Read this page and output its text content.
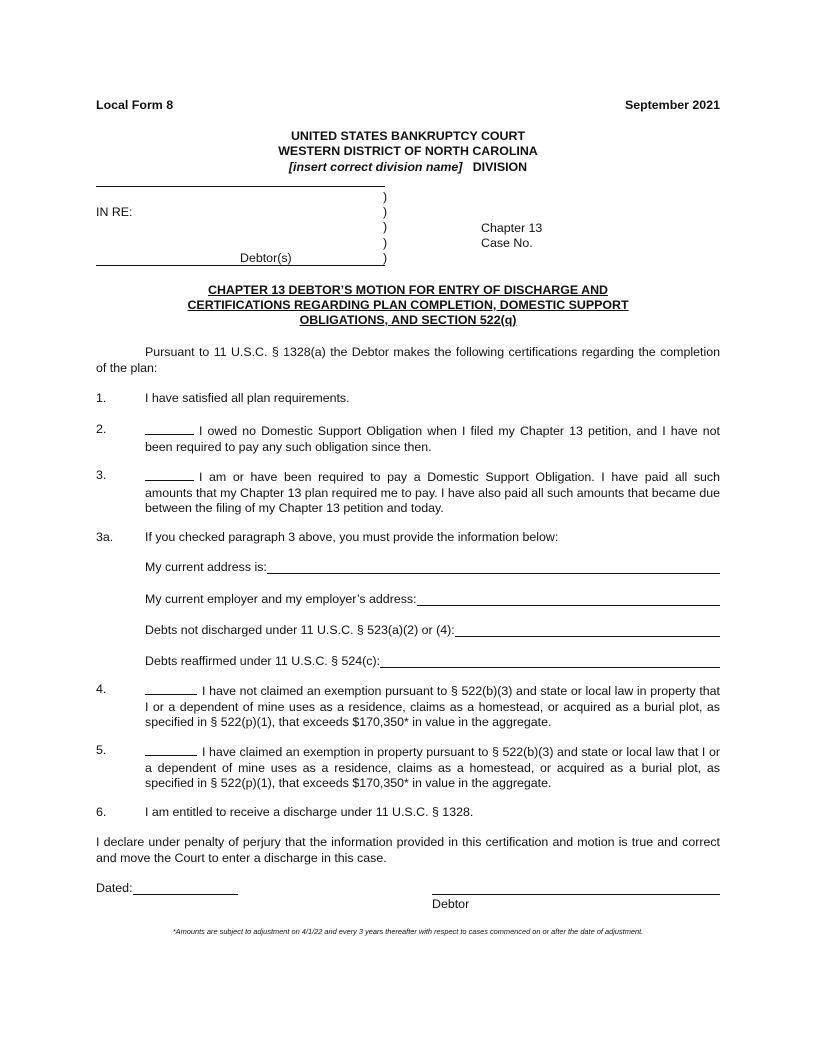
Local Form 8	September 2021
UNITED STATES BANKRUPTCY COURT
WESTERN DISTRICT OF NORTH CAROLINA
[insert correct division name] DIVISION
)
)
)
)
)
IN RE:
Chapter 13
Case No.
Debtor(s)
CHAPTER 13 DEBTOR’S MOTION FOR ENTRY OF DISCHARGE AND
CERTIFICATIONS REGARDING PLAN COMPLETION, DOMESTIC SUPPORT
OBLIGATIONS, AND SECTION 522(q)
Pursuant to 11 U.S.C. § 1328(a) the Debtor makes the following certifications regarding the completion of the plan:
1.	I have satisfied all plan requirements.
2.	I owed no Domestic Support Obligation when I filed my Chapter 13 petition, and I have not been required to pay any such obligation since then.
3.	I am or have been required to pay a Domestic Support Obligation. I have paid all such amounts that my Chapter 13 plan required me to pay. I have also paid all such amounts that became due between the filing of my Chapter 13 petition and today.
3a.	If you checked paragraph 3 above, you must provide the information below:
My current address is:
My current employer and my employer’s address:
Debts not discharged under 11 U.S.C. § 523(a)(2) or (4):
Debts reaffirmed under 11 U.S.C. § 524(c):
4.	I have not claimed an exemption pursuant to § 522(b)(3) and state or local law in property that I or a dependent of mine uses as a residence, claims as a homestead, or acquired as a burial plot, as specified in § 522(p)(1), that exceeds $170,350* in value in the aggregate.
5.	I have claimed an exemption in property pursuant to § 522(b)(3) and state or local law that I or a dependent of mine uses as a residence, claims as a homestead, or acquired as a burial plot, as specified in § 522(p)(1), that exceeds $170,350* in value in the aggregate.
6.	I am entitled to receive a discharge under 11 U.S.C. § 1328.
I declare under penalty of perjury that the information provided in this certification and motion is true and correct and move the Court to enter a discharge in this case.
Dated:
Debtor
*Amounts are subject to adjustment on 4/1/22 and every 3 years thereafter with respect to cases commenced on or after the date of adjustment.
